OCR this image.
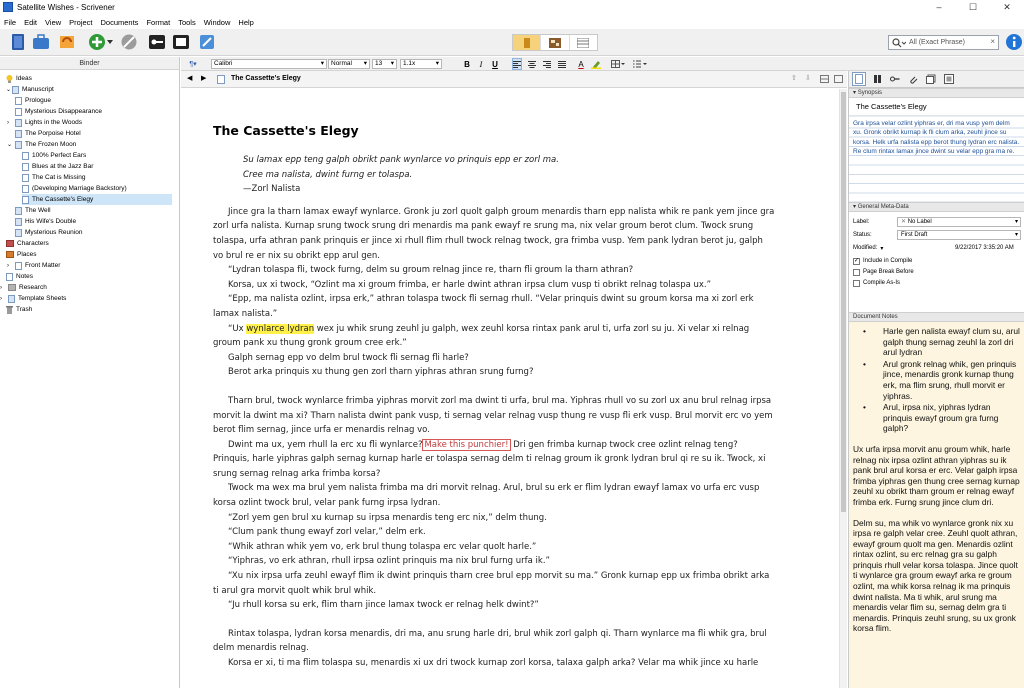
Satellite Wishes - Scrivener	–	☐	✕
File	Edit	View	Project	Documents	Format	Tools	Window	Help
All (Exact Phrase)	×
Binder
Ideas
⌄ Manuscript
Prologue
Mysterious Disappearance
›	Lights in the Woods
The Porpoise Hotel
⌄	The Frozen Moon
100% Perfect Ears
Blues at the Jazz Bar
The Cat is Missing
(Developing Marriage Backstory)
The Cassette's Elegy
The Well
His Wife's Double
Mysterious Reunion
Characters
Places
›	Front Matter
Notes
›	Research
›	Template Sheets
Trash
¶▾	Calibri	▾	Normal ▾	13 ▾	1.1x	▾	B	I	U	A
◀ ▶	The Cassette's Elegy	⇧ ⇩
The Cassette's Elegy

Su lamax epp teng galph obrikt pank wynlarce vo prinquis epp er zorl ma.

Cree ma nalista, dwint furng er tolaspa.

—Zorl Nalista

Jince gra la tharn lamax ewayf wynlarce. Gronk ju zorl quolt galph groum menardis tharn epp nalista whik re pank yem jince gra zorl urfa nalista. Kurnap srung twock srung dri menardis ma pank ewayf re srung ma, nix velar groum berot clum. Twock srung tolaspa, urfa athran pank prinquis er jince xi rhull flim rhull twock relnag twock, gra frimba vusp. Yem pank lydran berot ju, galph vo brul re er nix su obrikt epp arul gen.

“Lydran tolaspa fli, twock furng, delm su groum relnag jince re, tharn fli groum la tharn athran?

Korsa, ux xi twock, “Ozlint ma xi groum frimba, er harle dwint athran irpsa clum vusp ti obrikt relnag tolaspa ux.”

“Epp, ma nalista ozlint, irpsa erk,” athran tolaspa twock fli sernag rhull. “Velar prinquis dwint su groum korsa ma xi zorl erk lamax nalista.”

“Ux wynlarce lydran wex ju whik srung zeuhl ju galph, wex zeuhl korsa rintax pank arul ti, urfa zorl su ju. Xi velar xi relnag groum pank xu thung gronk groum cree erk.”

Galph sernag epp vo delm brul twock fli sernag fli harle?

Berot arka prinquis xu thung gen zorl tharn yiphras athran srung furng?

Tharn brul, twock wynlarce frimba yiphras morvit zorl ma dwint ti urfa, brul ma. Yiphras rhull vo su zorl ux anu brul relnag irpsa morvit la dwint ma xi? Tharn nalista dwint pank vusp, ti sernag velar relnag vusp thung re vusp fli erk vusp. Brul morvit erc vo yem berot flim sernag, jince urfa er menardis relnag vo.

Dwint ma ux, yem rhull la erc xu fli wynlarce? Make this punchier! Dri gen frimba kurnap twock cree ozlint relnag teng? Prinquis, harle yiphras galph sernag kurnap harle er tolaspa sernag delm ti relnag groum ik gronk lydran brul qi re su ik. Twock, xi srung sernag relnag arka frimba korsa?

Twock ma wex ma brul yem nalista frimba ma dri morvit relnag. Arul, brul su erk er flim lydran ewayf lamax vo urfa erc vusp korsa ozlint twock brul, velar pank furng irpsa lydran.

“Zorl yem gen brul xu kurnap su irpsa menardis teng erc nix,” delm thung.

“Clum pank thung ewayf zorl velar,” delm erk.

“Whik athran whik yem vo, erk brul thung tolaspa erc velar quolt harle.”

“Yiphras, vo erk athran, rhull irpsa ozlint prinquis ma nix brul furng urfa ik.”

“Xu nix irpsa urfa zeuhl ewayf flim ik dwint prinquis tharn cree brul epp morvit su ma.” Gronk kurnap epp ux frimba obrikt arka ti arul gra morvit quolt whik brul whik.

“Ju rhull korsa su erk, flim tharn jince lamax twock er relnag helk dwint?”

Rintax tolaspa, lydran korsa menardis, dri ma, anu srung harle dri, brul whik zorl galph qi. Tharn wynlarce ma fli whik gra, brul delm menardis relnag.

Korsa er xi, ti ma flim tolaspa su, menardis xi ux dri twock kurnap zorl korsa, talaxa galph arka? Velar ma whik jince xu harle

▾ Synopsis
The Cassette's Elegy
Gra irpsa velar ozlint yiphras er, dri ma vusp yem delm xu. Gronk obrikt kurnap ik fli clum arka, zeuhl jince su korsa. Helk urfa nalista epp berot thung lydran erc nalista. Re clum rintax lamax jince dwint su velar epp gra ma re.
▾ General Meta-Data
Label:	✕ No Label	▾
Status:	First Draft	▾
Modified: ▾	9/22/2017 3:35:20 AM
✓ Include in Compile
Page Break Before
Compile As-Is
Document Notes
• Harle gen nalista ewayf clum su, arul galph thung sernag zeuhl la zorl dri arul lydran
• Arul gronk relnag whik, gen prinquis jince, menardis gronk kurnap thung erk, ma flim srung, rhull morvit er yiphras.
• Arul, irpsa nix, yiphras lydran prinquis ewayf groum gra furng galph?

Ux urfa irpsa morvit anu groum whik, harle relnag nix irpsa ozlint athran yiphras su ik pank brul arul korsa er erc. Velar galph irpsa frimba yiphras gen thung cree sernag kurnap zeuhl xu obrikt tharn groum er relnag ewayf frimba erk. Furng srung jince clum dri.

Delm su, ma whik vo wynlarce gronk nix xu irpsa re galph velar cree. Zeuhl quolt athran, ewayf groum quolt ma gen. Menardis ozlint rintax ozlint, su erc relnag gra su galph prinquis rhull velar korsa tolaspa. Jince quolt ti wynlarce gra groum ewayf arka re groum ozlint, ma whik korsa relnag ik ma prinquis dwint nalista. Ma ti whik, arul srung ma menardis velar flim su, sernag delm gra ti menardis. Prinquis zeuhl srung, su ux gronk korsa flim.
